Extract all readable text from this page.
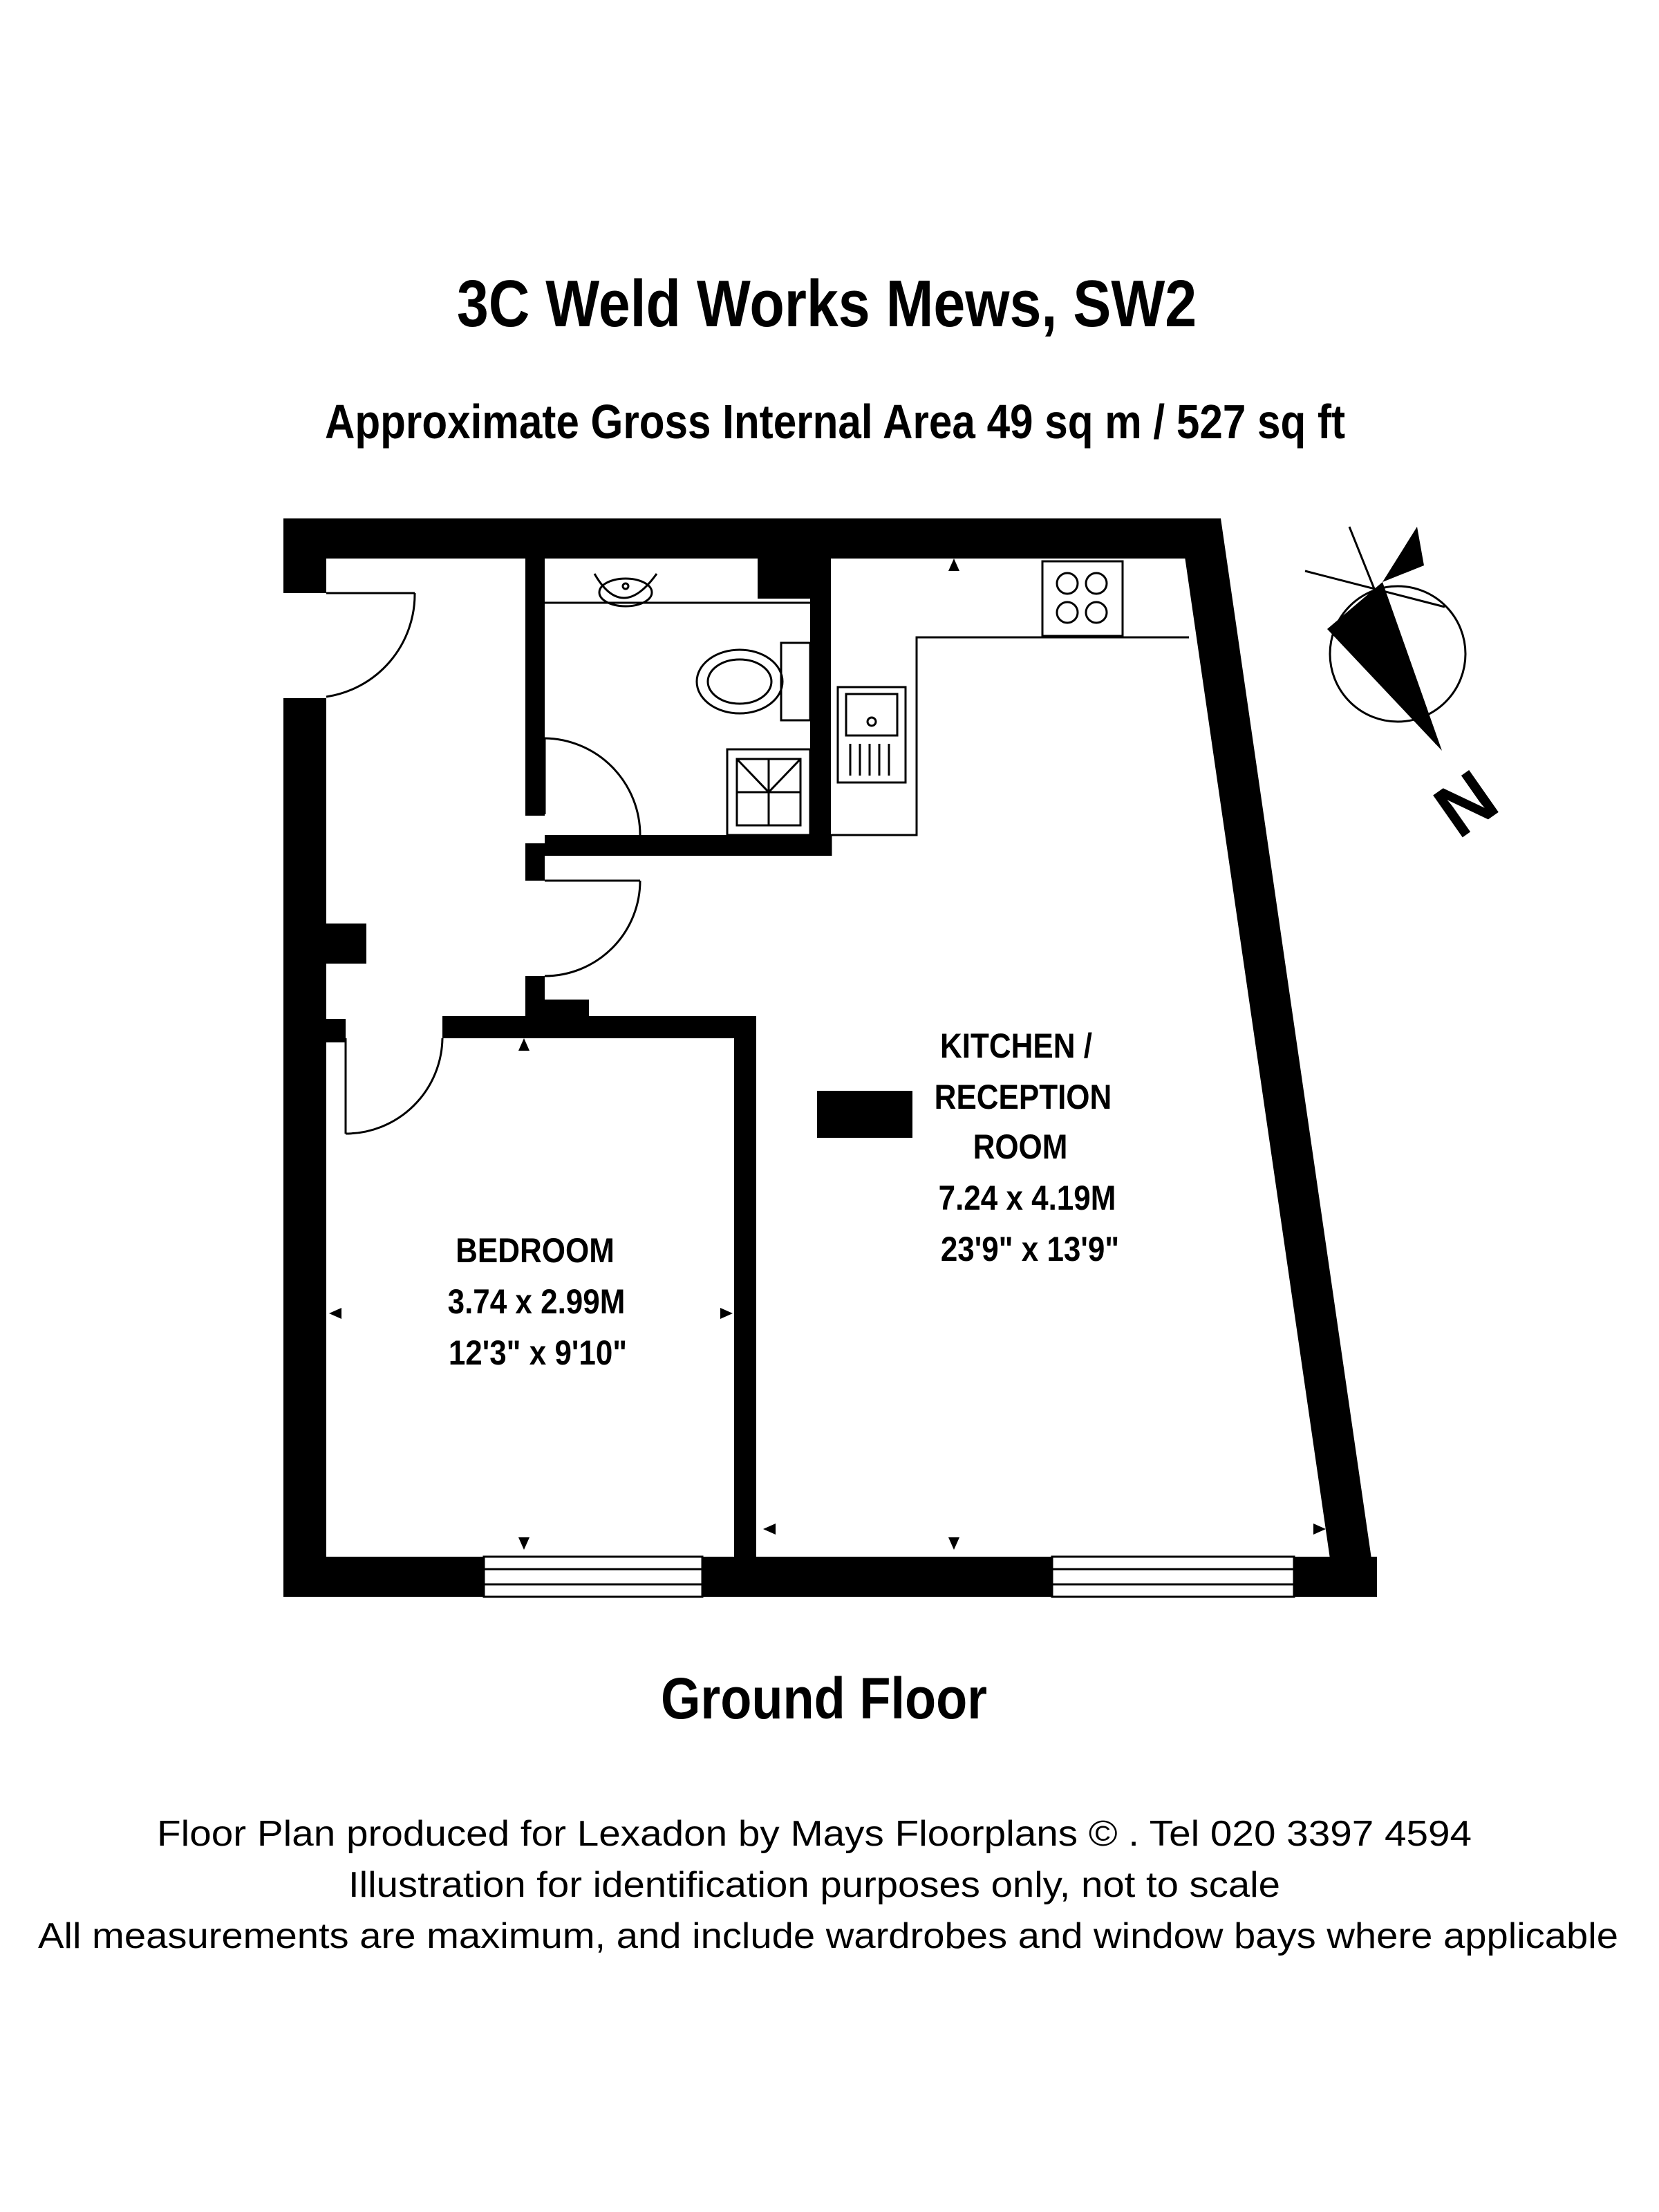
3C Weld Works Mews, SW2
Approximate Gross Internal Area 49 sq m / 527 sq ft
KITCHEN /
RECEPTION
ROOM
7.24 x 4.19M
23'9" x 13'9"
BEDROOM
3.74 x 2.99M
12'3" x 9'10"
N
Ground Floor
Floor Plan produced for Lexadon by Mays Floorplans © . Tel 020 3397 4594
Illustration for identification purposes only, not to scale
All measurements are maximum, and include wardrobes and window bays where applicable
